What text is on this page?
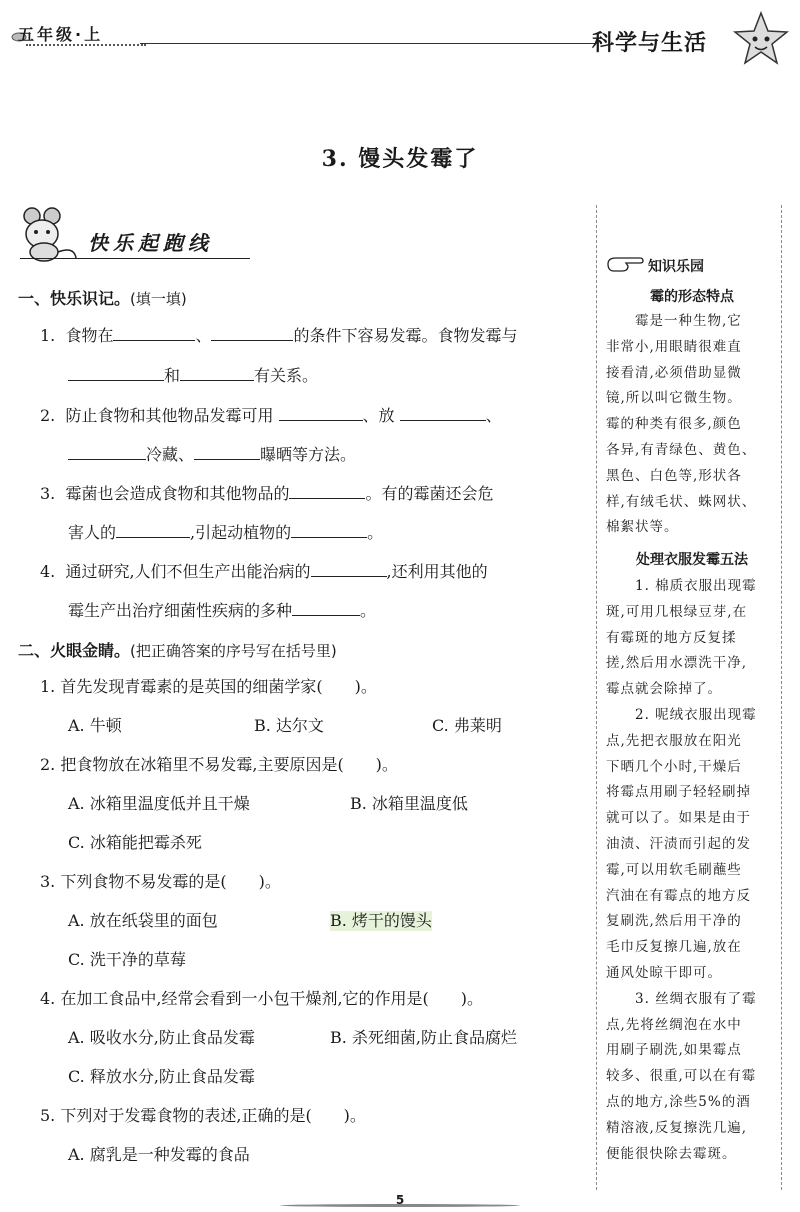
五年级·上	科学与生活
3. 馒头发霉了
快乐起跑线
一、快乐识记。(填一填)
1. 食物在	、	的条件下容易发霉。食物发霉与
和	有关系。
2. 防止食物和其他物品发霉可用	、放	、
冷藏、	曝晒等方法。
3. 霉菌也会造成食物和其他物品的	。有的霉菌还会危
害人的	,引起动植物的	。
4. 通过研究,人们不但生产出能治病的	,还利用其他的
霉生产出治疗细菌性疾病的多种	。
二、火眼金睛。(把正确答案的序号写在括号里)
1. 首先发现青霉素的是英国的细菌学家(　　)。
A. 牛顿	B. 达尔文	C. 弗莱明
2. 把食物放在冰箱里不易发霉,主要原因是(　　)。
A. 冰箱里温度低并且干燥	B. 冰箱里温度低
C. 冰箱能把霉杀死
3. 下列食物不易发霉的是(　　)。
A. 放在纸袋里的面包	B. 烤干的馒头
C. 洗干净的草莓
4. 在加工食品中,经常会看到一小包干燥剂,它的作用是(　　)。
A. 吸收水分,防止食品发霉	B. 杀死细菌,防止食品腐烂
C. 释放水分,防止食品发霉
5. 下列对于发霉食物的表述,正确的是(　　)。
A. 腐乳是一种发霉的食品
知识乐园
霉的形态特点

　　霉是一种生物,它

非常小,用眼睛很难直

接看清,必须借助显微

镜,所以叫它微生物。

霉的种类有很多,颜色

各异,有青绿色、黄色、

黑色、白色等,形状各

样,有绒毛状、蛛网状、

棉絮状等。

处理衣服发霉五法

　　1. 棉质衣服出现霉

斑,可用几根绿豆芽,在

有霉斑的地方反复揉

搓,然后用水漂洗干净,

霉点就会除掉了。

　　2. 呢绒衣服出现霉

点,先把衣服放在阳光

下晒几个小时,干燥后

将霉点用刷子轻轻刷掉

就可以了。如果是由于

油渍、汗渍而引起的发

霉,可以用软毛刷蘸些

汽油在有霉点的地方反

复刷洗,然后用干净的

毛巾反复擦几遍,放在

通风处晾干即可。

　　3. 丝绸衣服有了霉

点,先将丝绸泡在水中

用刷子刷洗,如果霉点

较多、很重,可以在有霉

点的地方,涂些5%的酒

精溶液,反复擦洗几遍,

便能很快除去霉斑。

5
